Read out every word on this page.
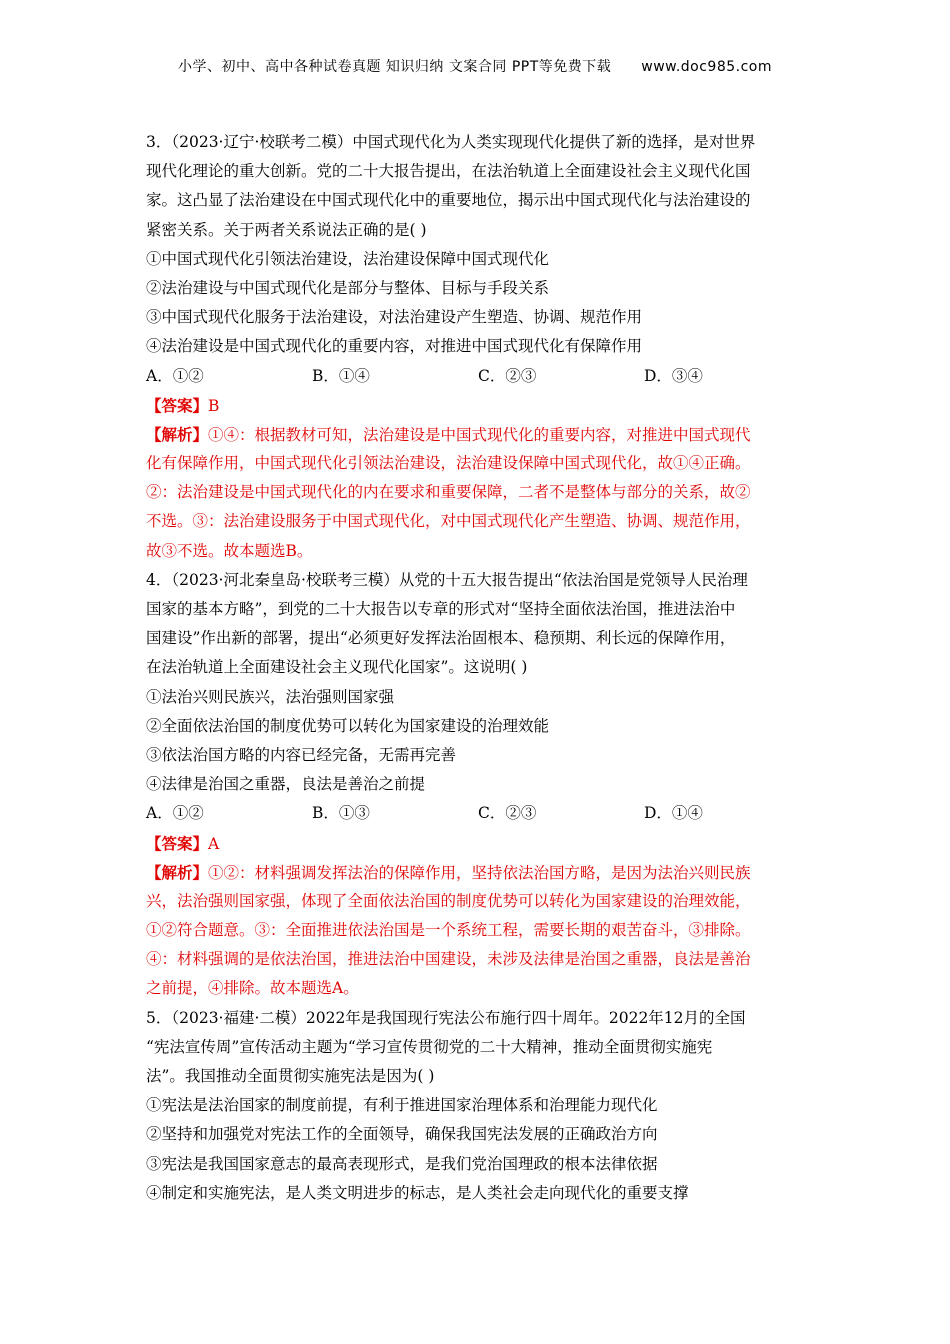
小学、初中、高中各种试卷真题 知识归纳 文案合同 PPT等免费下载 www.doc985.com
3．（2023·辽宁·校联考二模）中国式现代化为人类实现现代化提供了新的选择，是对世界
现代化理论的重大创新。党的二十大报告提出，在法治轨道上全面建设社会主义现代化国
家。这凸显了法治建设在中国式现代化中的重要地位，揭示出中国式现代化与法治建设的
紧密关系。关于两者关系说法正确的是( )
①中国式现代化引领法治建设，法治建设保障中国式现代化
②法治建设与中国式现代化是部分与整体、目标与手段关系
③中国式现代化服务于法治建设，对法治建设产生塑造、协调、规范作用
④法治建设是中国式现代化的重要内容，对推进中国式现代化有保障作用
A．①②	B．①④	C．②③	D．③④
【答案】B
【解析】①④：根据教材可知，法治建设是中国式现代化的重要内容，对推进中国式现代
化有保障作用，中国式现代化引领法治建设，法治建设保障中国式现代化，故①④正确。
②：法治建设是中国式现代化的内在要求和重要保障，二者不是整体与部分的关系，故②
不选。③：法治建设服务于中国式现代化，对中国式现代化产生塑造、协调、规范作用，
故③不选。故本题选B。
4．（2023·河北秦皇岛·校联考三模）从党的十五大报告提出“依法治国是党领导人民治理
国家的基本方略”，到党的二十大报告以专章的形式对“坚持全面依法治国，推进法治中
国建设”作出新的部署，提出“必须更好发挥法治固根本、稳预期、利长远的保障作用，
在法治轨道上全面建设社会主义现代化国家”。这说明( )
①法治兴则民族兴，法治强则国家强
②全面依法治国的制度优势可以转化为国家建设的治理效能
③依法治国方略的内容已经完备，无需再完善
④法律是治国之重器，良法是善治之前提
A．①②	B．①③	C．②③	D．①④
【答案】A
【解析】①②：材料强调发挥法治的保障作用，坚持依法治国方略，是因为法治兴则民族
兴，法治强则国家强，体现了全面依法治国的制度优势可以转化为国家建设的治理效能，
①②符合题意。③：全面推进依法治国是一个系统工程，需要长期的艰苦奋斗，③排除。
④：材料强调的是依法治国，推进法治中国建设，未涉及法律是治国之重器，良法是善治
之前提，④排除。故本题选A。
5．（2023·福建·二模）2022年是我国现行宪法公布施行四十周年。2022年12月的全国
“宪法宣传周”宣传活动主题为“学习宣传贯彻党的二十大精神，推动全面贯彻实施宪
法”。我国推动全面贯彻实施宪法是因为( )
①宪法是法治国家的制度前提，有利于推进国家治理体系和治理能力现代化
②坚持和加强党对宪法工作的全面领导，确保我国宪法发展的正确政治方向
③宪法是我国国家意志的最高表现形式，是我们党治国理政的根本法律依据
④制定和实施宪法，是人类文明进步的标志，是人类社会走向现代化的重要支撑
